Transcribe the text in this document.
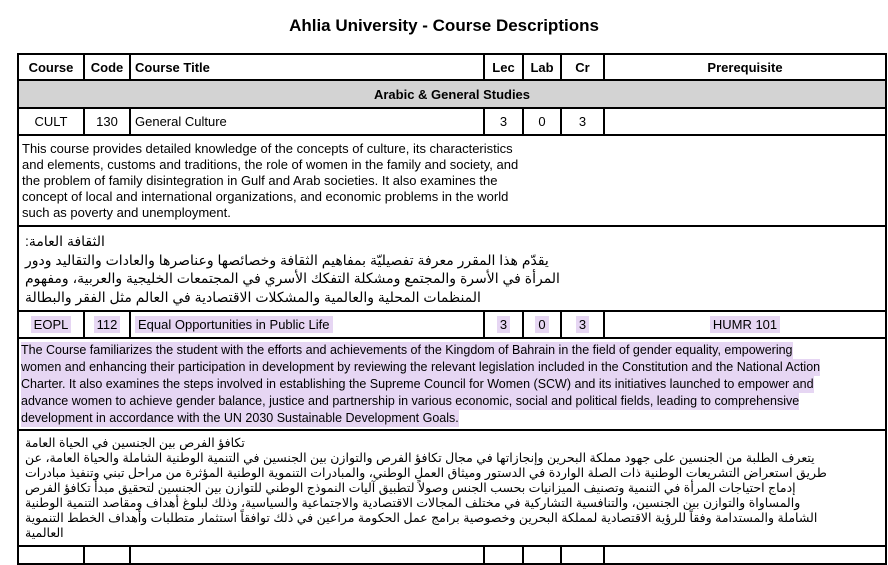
Ahlia University - Course Descriptions
Course	Code	Course Title	Lec	Lab	Cr	Prerequisite
Arabic & General Studies						
CULT	130	General Culture	3	0	3	

This course provides detailed knowledge of the concepts of culture, its characteristics
and elements, customs and traditions, the role of women in the family and society, and
the problem of family disintegration in Gulf and Arab societies. It also examines the
concept of local and international organizations, and economic problems in the world
such as poverty and unemployment.						

الثقافة العامة:
يقدّم هذا المقرر معرفة تفصيليّة بمفاهيم الثقافة وخصائصها وعناصرها والعادات والتقاليد ودور
المرأة في الأسرة والمجتمع ومشكلة التفكك الأسري في المجتمعات الخليجية والعربية، ومفهوم
المنظمات المحلية والعالمية والمشكلات الاقتصادية في العالم مثل الفقر والبطالة						

EOPL	112	Equal Opportunities in Public Life	3	0	3	HUMR 101

The Course familiarizes the student with the efforts and achievements of the Kingdom of Bahrain in the field of gender equality, empowering
women and enhancing their participation in development by reviewing the relevant legislation included in the Constitution and the National Action
Charter. It also examines the steps involved in establishing the Supreme Council for Women (SCW) and its initiatives launched to empower and
advance women to achieve gender balance, justice and partnership in various economic, social and political fields, leading to comprehensive
development in accordance with the UN 2030 Sustainable Development Goals.						

تكافؤ الفرص بين الجنسين في الحياة العامة
يتعرف الطلبة من الجنسين على جهود مملكة البحرين وإنجازاتها في مجال تكافؤ الفرص والتوازن بين الجنسين في التنمية الوطنية الشاملة والحياة العامة، عن
طريق استعراض التشريعات الوطنية ذات الصلة الواردة في الدستور وميثاق العمل الوطني، والمبادرات التنموية الوطنية المؤثرة من مراحل تبني وتنفيذ مبادرات
إدماج احتياجات المرأة في التنمية وتصنيف الميزانيات بحسب الجنس وصولاً لتطبيق آليات النموذج الوطني للتوازن بين الجنسين لتحقيق مبدأ تكافؤ الفرص
والمساواة والتوازن بين الجنسين، والتنافسية التشاركية في مختلف المجالات الاقتصادية والاجتماعية والسياسية، وذلك لبلوغ أهداف ومقاصد التنمية الوطنية
الشاملة والمستدامة وفقاً للرؤية الاقتصادية لمملكة البحرين وخصوصية برامج عمل الحكومة مراعين في ذلك توافقاً استثمار متطلبات وأهداف الخطط التنموية
العالمية
